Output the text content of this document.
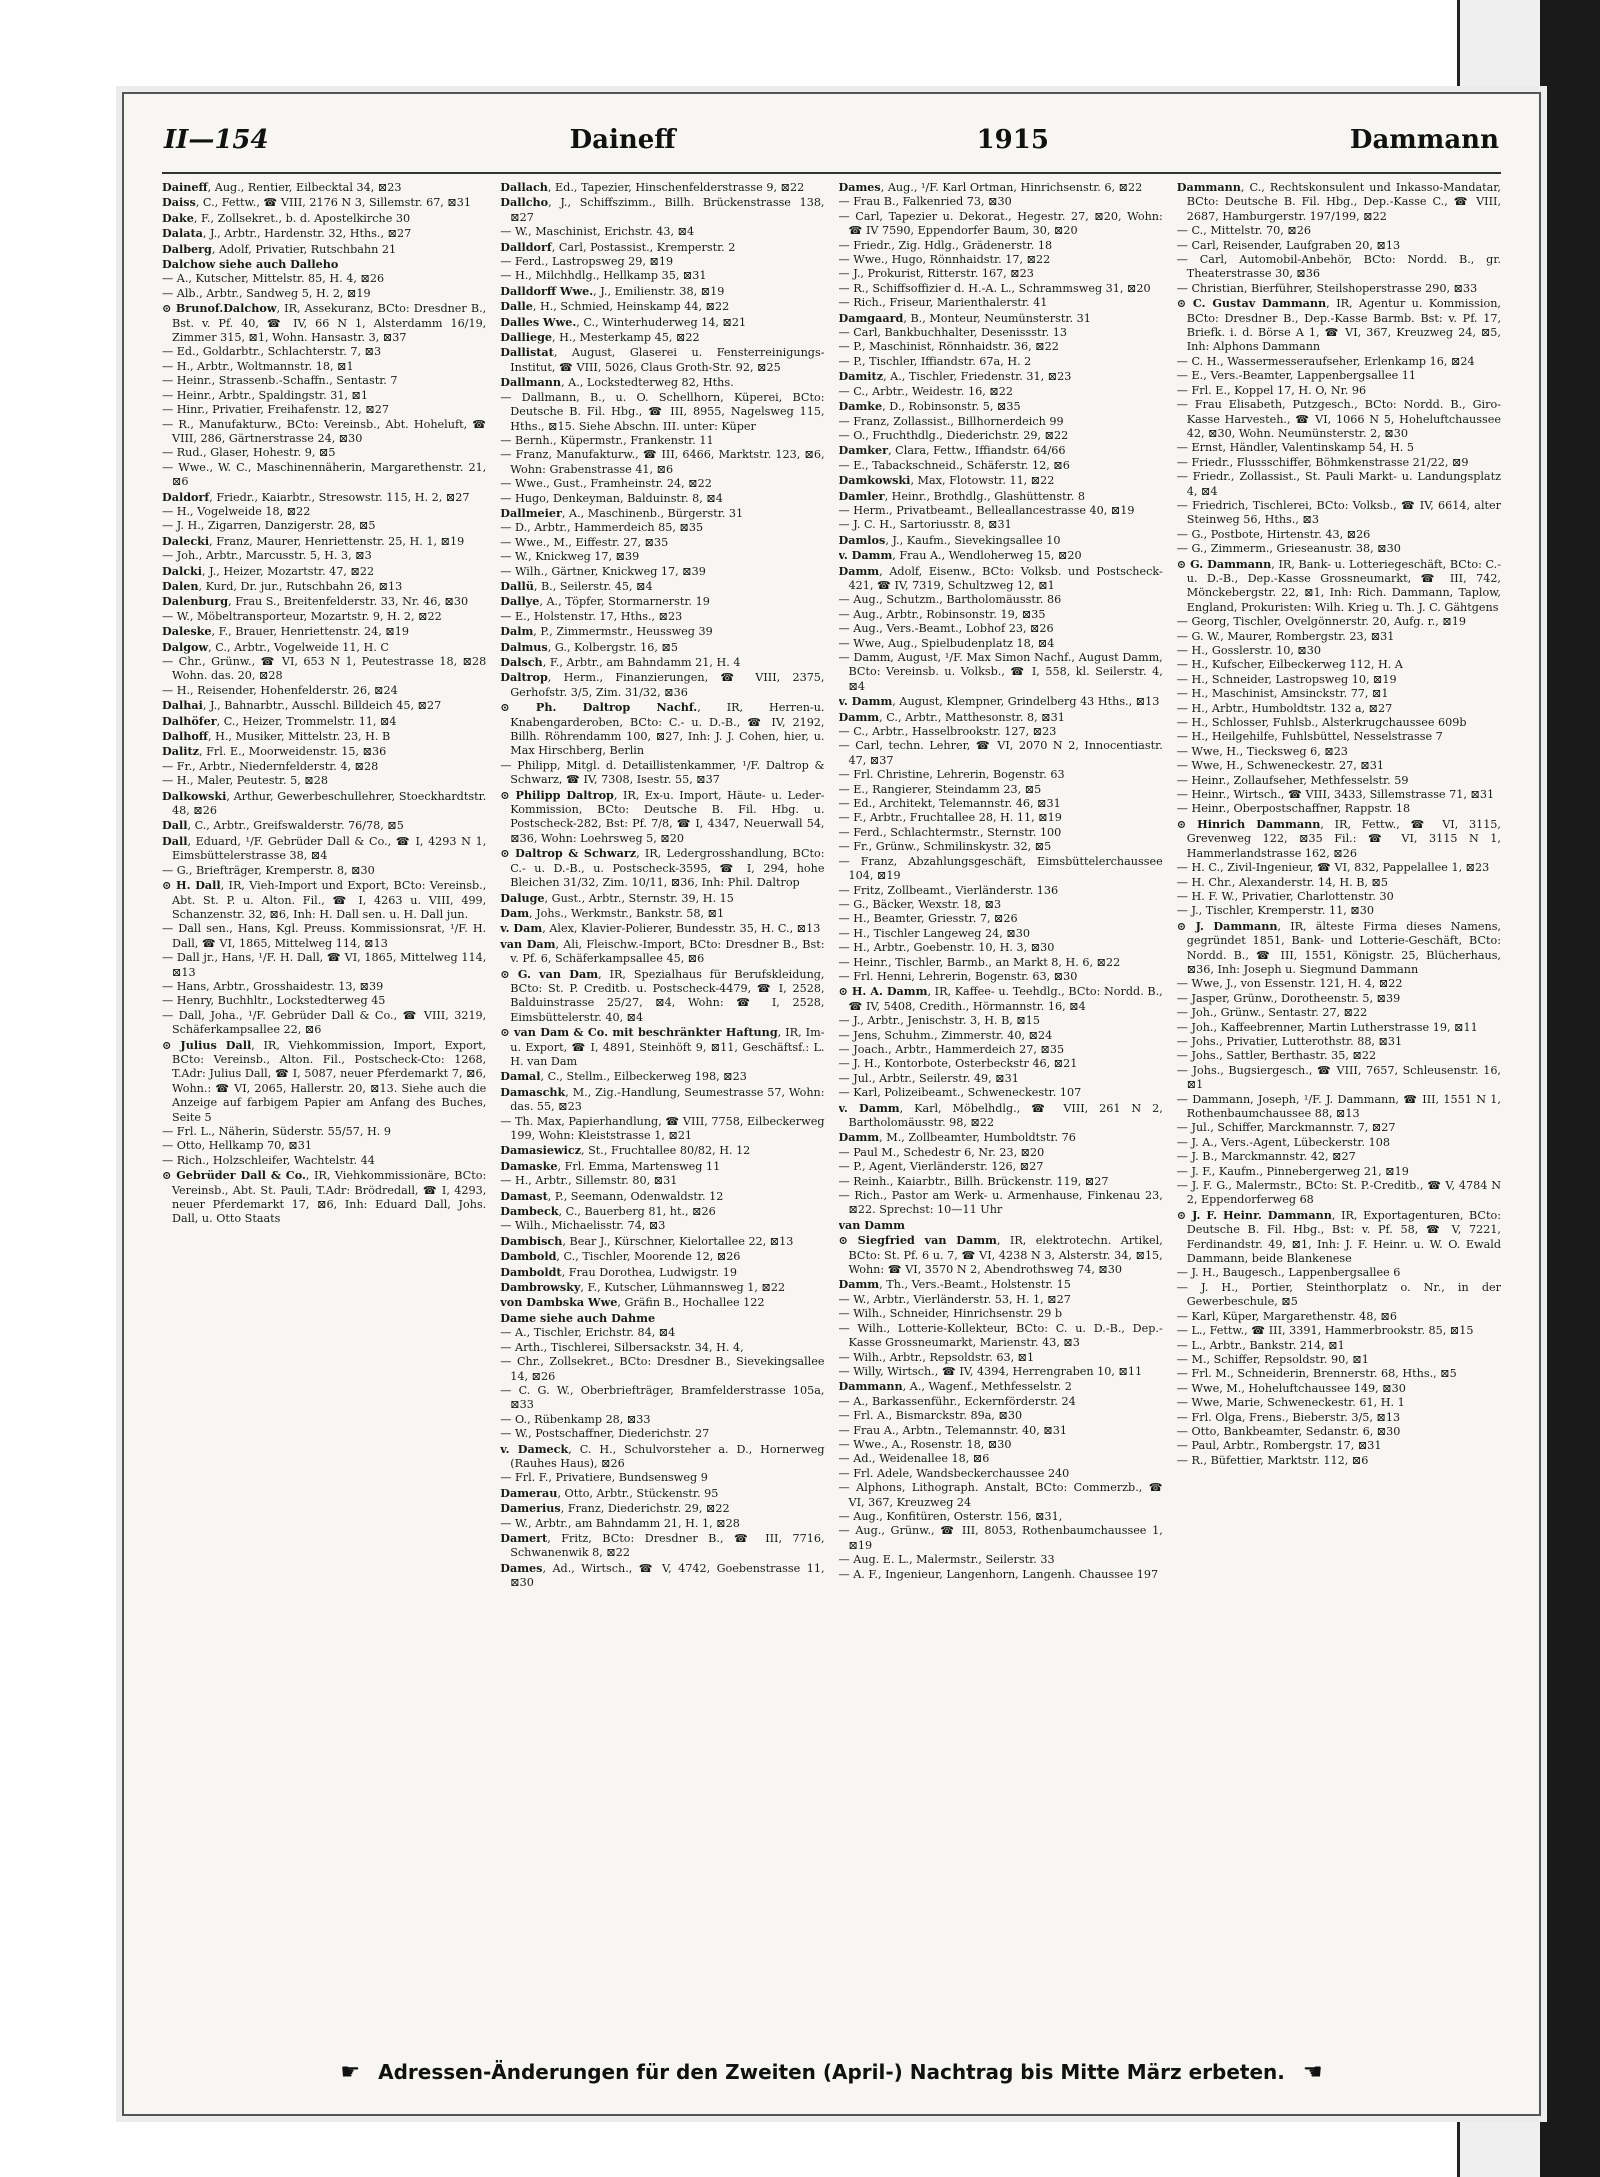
II—154	Daineff	1915	Dammann

Daineff, Aug., Rentier, Eilbecktal 34, ⊠23

Daiss, C., Fettw., ☎ VIII, 2176 N 3, Sillemstr. 67, ⊠31

Dake, F., Zollsekret., b. d. Apostelkirche 30

Dalata, J., Arbtr., Hardenstr. 32, Hths., ⊠27

Dalberg, Adolf, Privatier, Rutschbahn 21

Dalchow siehe auch Dalleho

— A., Kutscher, Mittelstr. 85, H. 4, ⊠26

— Alb., Arbtr., Sandweg 5, H. 2, ⊠19

⊙ Brunof.Dalchow, IR, Assekuranz, BCto: Dresdner B., Bst. v. Pf. 40, ☎ IV, 66 N 1, Alsterdamm 16/19, Zimmer 315, ⊠1, Wohn. Hansastr. 3, ⊠37

— Ed., Goldarbtr., Schlachterstr. 7, ⊠3

— H., Arbtr., Woltmannstr. 18, ⊠1

— Heinr., Strassenb.-Schaffn., Sentastr. 7

— Heinr., Arbtr., Spaldingstr. 31, ⊠1

— Hinr., Privatier, Freihafenstr. 12, ⊠27

— R., Manufakturw., BCto: Vereinsb., Abt. Hoheluft, ☎ VIII, 286, Gärtnerstrasse 24, ⊠30

— Rud., Glaser, Hohestr. 9, ⊠5

— Wwe., W. C., Maschinennäherin, Margarethenstr. 21, ⊠6

Daldorf, Friedr., Kaiarbtr., Stresowstr. 115, H. 2, ⊠27

— H., Vogelweide 18, ⊠22

— J. H., Zigarren, Danzigerstr. 28, ⊠5

Dalecki, Franz, Maurer, Henriettenstr. 25, H. 1, ⊠19

— Joh., Arbtr., Marcusstr. 5, H. 3, ⊠3

Dalcki, J., Heizer, Mozartstr. 47, ⊠22

Dalen, Kurd, Dr. jur., Rutschbahn 26, ⊠13

Dalenburg, Frau S., Breitenfelderstr. 33, Nr. 46, ⊠30

— W., Möbeltransporteur, Mozartstr. 9, H. 2, ⊠22

Daleske, F., Brauer, Henriettenstr. 24, ⊠19

Dalgow, C., Arbtr., Vogelweide 11, H. C

— Chr., Grünw., ☎ VI, 653 N 1, Peutestrasse 18, ⊠28 Wohn. das. 20, ⊠28

— H., Reisender, Hohenfelderstr. 26, ⊠24

Dalhai, J., Bahnarbtr., Ausschl. Billdeich 45, ⊠27

Dalhöfer, C., Heizer, Trommelstr. 11, ⊠4

Dalhoff, H., Musiker, Mittelstr. 23, H. B

Dalitz, Frl. E., Moorweidenstr. 15, ⊠36

— Fr., Arbtr., Niedernfelderstr. 4, ⊠28

— H., Maler, Peutestr. 5, ⊠28

Dalkowski, Arthur, Gewerbeschullehrer, Stoeckhardtstr. 48, ⊠26

Dall, C., Arbtr., Greifswalderstr. 76/78, ⊠5

Dall, Eduard, ¹/F. Gebrüder Dall & Co., ☎ I, 4293 N 1, Eimsbüttelerstrasse 38, ⊠4

— G., Briefträger, Kremperstr. 8, ⊠30

⊙ H. Dall, IR, Vieh-Import und Export, BCto: Vereinsb., Abt. St. P. u. Alton. Fil., ☎ I, 4263 u. VIII, 499, Schanzenstr. 32, ⊠6, Inh: H. Dall sen. u. H. Dall jun.

— Dall sen., Hans, Kgl. Preuss. Kommissionsrat, ¹/F. H. Dall, ☎ VI, 1865, Mittelweg 114, ⊠13

— Dall jr., Hans, ¹/F. H. Dall, ☎ VI, 1865, Mittelweg 114, ⊠13

— Hans, Arbtr., Grosshaidestr. 13, ⊠39

— Henry, Buchhltr., Lockstedterweg 45

— Dall, Joha., ¹/F. Gebrüder Dall & Co., ☎ VIII, 3219, Schäferkampsallee 22, ⊠6

⊙ Julius Dall, IR, Viehkommission, Import, Export, BCto: Vereinsb., Alton. Fil., Postscheck-Cto: 1268, T.Adr: Julius Dall, ☎ I, 5087, neuer Pferdemarkt 7, ⊠6, Wohn.: ☎ VI, 2065, Hallerstr. 20, ⊠13. Siehe auch die Anzeige auf farbigem Papier am Anfang des Buches, Seite 5

— Frl. L., Näherin, Süderstr. 55/57, H. 9

— Otto, Hellkamp 70, ⊠31

— Rich., Holzschleifer, Wachtelstr. 44

⊙ Gebrüder Dall & Co., IR, Viehkommissionäre, BCto: Vereinsb., Abt. St. Pauli, T.Adr: Brödredall, ☎ I, 4293, neuer Pferdemarkt 17, ⊠6, Inh: Eduard Dall, Johs. Dall, u. Otto Staats

Dallach, Ed., Tapezier, Hinschenfelderstrasse 9, ⊠22

Dallcho, J., Schiffszimm., Billh. Brückenstrasse 138, ⊠27

— W., Maschinist, Erichstr. 43, ⊠4

Dalldorf, Carl, Postassist., Kremperstr. 2

— Ferd., Lastropsweg 29, ⊠19

— H., Milchhdlg., Hellkamp 35, ⊠31

Dalldorff Wwe., J., Emilienstr. 38, ⊠19

Dalle, H., Schmied, Heinskamp 44, ⊠22

Dalles Wwe., C., Winterhuderweg 14, ⊠21

Dalliege, H., Mesterkamp 45, ⊠22

Dallistat, August, Glaserei u. Fensterreinigungs-Institut, ☎ VIII, 5026, Claus Groth-Str. 92, ⊠25

Dallmann, A., Lockstedterweg 82, Hths.

— Dallmann, B., u. O. Schellhorn, Küperei, BCto: Deutsche B. Fil. Hbg., ☎ III, 8955, Nagelsweg 115, Hths., ⊠15. Siehe Abschn. III. unter: Küper

— Bernh., Küpermstr., Frankenstr. 11

— Franz, Manufakturw., ☎ III, 6466, Marktstr. 123, ⊠6, Wohn: Grabenstrasse 41, ⊠6

— Wwe., Gust., Framheinstr. 24, ⊠22

— Hugo, Denkeyman, Balduinstr. 8, ⊠4

Dallmeier, A., Maschinenb., Bürgerstr. 31

— D., Arbtr., Hammerdeich 85, ⊠35

— Wwe., M., Eiffestr. 27, ⊠35

— W., Knickweg 17, ⊠39

— Wilh., Gärtner, Knickweg 17, ⊠39

Dallü, B., Seilerstr. 45, ⊠4

Dallye, A., Töpfer, Stormarnerstr. 19

— E., Holstenstr. 17, Hths., ⊠23

Dalm, P., Zimmermstr., Heussweg 39

Dalmus, G., Kolbergstr. 16, ⊠5

Dalsch, F., Arbtr., am Bahndamm 21, H. 4

Daltrop, Herm., Finanzierungen, ☎ VIII, 2375, Gerhofstr. 3/5, Zim. 31/32, ⊠36

⊙ Ph. Daltrop Nachf., IR, Herren-u. Knabengarderoben, BCto: C.- u. D.-B., ☎ IV, 2192, Billh. Röhrendamm 100, ⊠27, Inh: J. J. Cohen, hier, u. Max Hirschberg, Berlin

— Philipp, Mitgl. d. Detaillistenkammer, ¹/F. Daltrop & Schwarz, ☎ IV, 7308, Isestr. 55, ⊠37

⊙ Philipp Daltrop, IR, Ex-u. Import, Häute- u. Leder-Kommission, BCto: Deutsche B. Fil. Hbg. u. Postscheck-282, Bst: Pf. 7/8, ☎ I, 4347, Neuerwall 54, ⊠36, Wohn: Loehrsweg 5, ⊠20

⊙ Daltrop & Schwarz, IR, Ledergrosshandlung, BCto: C.- u. D.-B., u. Postscheck-3595, ☎ I, 294, hohe Bleichen 31/32, Zim. 10/11, ⊠36, Inh: Phil. Daltrop

Daluge, Gust., Arbtr., Sternstr. 39, H. 15

Dam, Johs., Werkmstr., Bankstr. 58, ⊠1

v. Dam, Alex, Klavier-Polierer, Bundesstr. 35, H. C., ⊠13

van Dam, Ali, Fleischw.-Import, BCto: Dresdner B., Bst: v. Pf. 6, Schäferkampsallee 45, ⊠6

⊙ G. van Dam, IR, Spezialhaus für Berufskleidung, BCto: St. P. Creditb. u. Postscheck-4479, ☎ I, 2528, Balduinstrasse 25/27, ⊠4, Wohn: ☎ I, 2528, Eimsbüttelerstr. 40, ⊠4

⊙ van Dam & Co. mit beschränkter Haftung, IR, Im- u. Export, ☎ I, 4891, Steinhöft 9, ⊠11, Geschäftsf.: L. H. van Dam

Damal, C., Stellm., Eilbeckerweg 198, ⊠23

Damaschk, M., Zig.-Handlung, Seumestrasse 57, Wohn: das. 55, ⊠23

— Th. Max, Papierhandlung, ☎ VIII, 7758, Eilbeckerweg 199, Wohn: Kleiststrasse 1, ⊠21

Damasiewicz, St., Fruchtallee 80/82, H. 12

Damaske, Frl. Emma, Martensweg 11

— H., Arbtr., Sillemstr. 80, ⊠31

Damast, P., Seemann, Odenwaldstr. 12

Dambeck, C., Bauerberg 81, ht., ⊠26

— Wilh., Michaelisstr. 74, ⊠3

Dambisch, Bear J., Kürschner, Kielortallee 22, ⊠13

Dambold, C., Tischler, Moorende 12, ⊠26

Damboldt, Frau Dorothea, Ludwigstr. 19

Dambrowsky, F., Kutscher, Lühmannsweg 1, ⊠22

von Dambska Wwe, Gräfin B., Hochallee 122

Dame siehe auch Dahme

— A., Tischler, Erichstr. 84, ⊠4

— Arth., Tischlerei, Silbersackstr. 34, H. 4,

— Chr., Zollsekret., BCto: Dresdner B., Sievekingsallee 14, ⊠26

— C. G. W., Oberbriefträger, Bramfelderstrasse 105a, ⊠33

— O., Rübenkamp 28, ⊠33

— W., Postschaffner, Diederichstr. 27

v. Dameck, C. H., Schulvorsteher a. D., Hornerweg (Rauhes Haus), ⊠26

— Frl. F., Privatiere, Bundsensweg 9

Damerau, Otto, Arbtr., Stückenstr. 95

Damerius, Franz, Diederichstr. 29, ⊠22

— W., Arbtr., am Bahndamm 21, H. 1, ⊠28

Damert, Fritz, BCto: Dresdner B., ☎ III, 7716, Schwanenwik 8, ⊠22

Dames, Ad., Wirtsch., ☎ V, 4742, Goebenstrasse 11, ⊠30

Dames, Aug., ¹/F. Karl Ortman, Hinrichsenstr. 6, ⊠22

— Frau B., Falkenried 73, ⊠30

— Carl, Tapezier u. Dekorat., Hegestr. 27, ⊠20, Wohn: ☎ IV 7590, Eppendorfer Baum, 30, ⊠20

— Friedr., Zig. Hdlg., Grädenerstr. 18

— Wwe., Hugo, Rönnhaidstr. 17, ⊠22

— J., Prokurist, Ritterstr. 167, ⊠23

— R., Schiffsoffizier d. H.-A. L., Schrammsweg 31, ⊠20

— Rich., Friseur, Marienthalerstr. 41

Damgaard, B., Monteur, Neumünsterstr. 31

— Carl, Bankbuchhalter, Desenissstr. 13

— P., Maschinist, Rönnhaidstr. 36, ⊠22

— P., Tischler, Iffiandstr. 67a, H. 2

Damitz, A., Tischler, Friedenstr. 31, ⊠23

— C., Arbtr., Weidestr. 16, ⊠22

Damke, D., Robinsonstr. 5, ⊠35

— Franz, Zollassist., Billhornerdeich 99

— O., Fruchthdlg., Diederichstr. 29, ⊠22

Damker, Clara, Fettw., Iffiandstr. 64/66

— E., Tabackschneid., Schäferstr. 12, ⊠6

Damkowski, Max, Flotowstr. 11, ⊠22

Damler, Heinr., Brothdlg., Glashüttenstr. 8

— Herm., Privatbeamt., Belleallancestrasse 40, ⊠19

— J. C. H., Sartoriusstr. 8, ⊠31

Damlos, J., Kaufm., Sievekingsallee 10

v. Damm, Frau A., Wendloherweg 15, ⊠20

Damm, Adolf, Eisenw., BCto: Volksb. und Postscheck-421, ☎ IV, 7319, Schultzweg 12, ⊠1

— Aug., Schutzm., Bartholomäusstr. 86

— Aug., Arbtr., Robinsonstr. 19, ⊠35

— Aug., Vers.-Beamt., Lobhof 23, ⊠26

— Wwe, Aug., Spielbudenplatz 18, ⊠4

— Damm, August, ¹/F. Max Simon Nachf., August Damm, BCto: Vereinsb. u. Volksb., ☎ I, 558, kl. Seilerstr. 4, ⊠4

v. Damm, August, Klempner, Grindelberg 43 Hths., ⊠13

Damm, C., Arbtr., Matthesonstr. 8, ⊠31

— C., Arbtr., Hasselbrookstr. 127, ⊠23

— Carl, techn. Lehrer, ☎ VI, 2070 N 2, Innocentiastr. 47, ⊠37

— Frl. Christine, Lehrerin, Bogenstr. 63

— E., Rangierer, Steindamm 23, ⊠5

— Ed., Architekt, Telemannstr. 46, ⊠31

— F., Arbtr., Fruchtallee 28, H. 11, ⊠19

— Ferd., Schlachtermstr., Sternstr. 100

— Fr., Grünw., Schmilinskystr. 32, ⊠5

— Franz, Abzahlungsgeschäft, Eimsbüttelerchaussee 104, ⊠19

— Fritz, Zollbeamt., Vierländerstr. 136

— G., Bäcker, Wexstr. 18, ⊠3

— H., Beamter, Griesstr. 7, ⊠26

— H., Tischler Langeweg 24, ⊠30

— H., Arbtr., Goebenstr. 10, H. 3, ⊠30

— Heinr., Tischler, Barmb., an Markt 8, H. 6, ⊠22

— Frl. Henni, Lehrerin, Bogenstr. 63, ⊠30

⊙ H. A. Damm, IR, Kaffee- u. Teehdlg., BCto: Nordd. B., ☎ IV, 5408, Credith., Hörmannstr. 16, ⊠4

— J., Arbtr., Jenischstr. 3, H. B, ⊠15

— Jens, Schuhm., Zimmerstr. 40, ⊠24

— Joach., Arbtr., Hammerdeich 27, ⊠35

— J. H., Kontorbote, Osterbeckstr 46, ⊠21

— Jul., Arbtr., Seilerstr. 49, ⊠31

— Karl, Polizeibeamt., Schweneckestr. 107

v. Damm, Karl, Möbelhdlg., ☎ VIII, 261 N 2, Bartholomäusstr. 98, ⊠22

Damm, M., Zollbeamter, Humboldtstr. 76

— Paul M., Schedestr 6, Nr. 23, ⊠20

— P., Agent, Vierländerstr. 126, ⊠27

— Reinh., Kaiarbtr., Billh. Brückenstr. 119, ⊠27

— Rich., Pastor am Werk- u. Armenhause, Finkenau 23, ⊠22. Sprechst: 10—11 Uhr

van Damm

⊙ Siegfried van Damm, IR, elektrotechn. Artikel, BCto: St. Pf. 6 u. 7, ☎ VI, 4238 N 3, Alsterstr. 34, ⊠15, Wohn: ☎ VI, 3570 N 2, Abendrothsweg 74, ⊠30

Damm, Th., Vers.-Beamt., Holstenstr. 15

— W., Arbtr., Vierländerstr. 53, H. 1, ⊠27

— Wilh., Schneider, Hinrichsenstr. 29 b

— Wilh., Lotterie-Kollekteur, BCto: C. u. D.-B., Dep.-Kasse Grossneumarkt, Marienstr. 43, ⊠3

— Wilh., Arbtr., Repsoldstr. 63, ⊠1

— Willy, Wirtsch., ☎ IV, 4394, Herrengraben 10, ⊠11

Dammann, A., Wagenf., Methfesselstr. 2

— A., Barkassenführ., Eckernförderstr. 24

— Frl. A., Bismarckstr. 89a, ⊠30

— Frau A., Arbtn., Telemannstr. 40, ⊠31

— Wwe., A., Rosenstr. 18, ⊠30

— Ad., Weidenallee 18, ⊠6

— Frl. Adele, Wandsbeckerchaussee 240

— Alphons, Lithograph. Anstalt, BCto: Commerzb., ☎ VI, 367, Kreuzweg 24

— Aug., Konfitüren, Osterstr. 156, ⊠31,

— Aug., Grünw., ☎ III, 8053, Rothenbaumchaussee 1, ⊠19

— Aug. E. L., Malermstr., Seilerstr. 33

— A. F., Ingenieur, Langenhorn, Langenh. Chaussee 197

Dammann, C., Rechtskonsulent und Inkasso-Mandatar, BCto: Deutsche B. Fil. Hbg., Dep.-Kasse C., ☎ VIII, 2687, Hamburgerstr. 197/199, ⊠22

— C., Mittelstr. 70, ⊠26

— Carl, Reisender, Laufgraben 20, ⊠13

— Carl, Automobil-Anbehör, BCto: Nordd. B., gr. Theaterstrasse 30, ⊠36

— Christian, Bierführer, Steilshoperstrasse 290, ⊠33

⊙ C. Gustav Dammann, IR, Agentur u. Kommission, BCto: Dresdner B., Dep.-Kasse Barmb. Bst: v. Pf. 17, Briefk. i. d. Börse A 1, ☎ VI, 367, Kreuzweg 24, ⊠5, Inh: Alphons Dammann

— C. H., Wassermesseraufseher, Erlenkamp 16, ⊠24

— E., Vers.-Beamter, Lappenbergsallee 11

— Frl. E., Koppel 17, H. O, Nr. 96

— Frau Elisabeth, Putzgesch., BCto: Nordd. B., Giro-Kasse Harvesteh., ☎ VI, 1066 N 5, Hoheluftchaussee 42, ⊠30, Wohn. Neumünsterstr. 2, ⊠30

— Ernst, Händler, Valentinskamp 54, H. 5

— Friedr., Flussschiffer, Böhmkenstrasse 21/22, ⊠9

— Friedr., Zollassist., St. Pauli Markt- u. Landungsplatz 4, ⊠4

— Friedrich, Tischlerei, BCto: Volksb., ☎ IV, 6614, alter Steinweg 56, Hths., ⊠3

— G., Postbote, Hirtenstr. 43, ⊠26

— G., Zimmerm., Grieseanustr. 38, ⊠30

⊙ G. Dammann, IR, Bank- u. Lotteriegeschäft, BCto: C.- u. D.-B., Dep.-Kasse Grossneumarkt, ☎ III, 742, Mönckebergstr. 22, ⊠1, Inh: Rich. Dammann, Taplow, England, Prokuristen: Wilh. Krieg u. Th. J. C. Gähtgens

— Georg, Tischler, Ovelgönnerstr. 20, Aufg. r., ⊠19

— G. W., Maurer, Rombergstr. 23, ⊠31

— H., Gosslerstr. 10, ⊠30

— H., Kufscher, Eilbeckerweg 112, H. A

— H., Schneider, Lastropsweg 10, ⊠19

— H., Maschinist, Amsinckstr. 77, ⊠1

— H., Arbtr., Humboldtstr. 132 a, ⊠27

— H., Schlosser, Fuhlsb., Alsterkrugchaussee 609b

— H., Heilgehilfe, Fuhlsbüttel, Nesselstrasse 7

— Wwe, H., Tiecksweg 6, ⊠23

— Wwe, H., Schweneckestr. 27, ⊠31

— Heinr., Zollaufseher, Methfesselstr. 59

— Heinr., Wirtsch., ☎ VIII, 3433, Sillemstrasse 71, ⊠31

— Heinr., Oberpostschaffner, Rappstr. 18

⊙ Hinrich Dammann, IR, Fettw., ☎ VI, 3115, Grevenweg 122, ⊠35 Fil.: ☎ VI, 3115 N 1, Hammerlandstrasse 162, ⊠26

— H. C., Zivil-Ingenieur, ☎ VI, 832, Pappelallee 1, ⊠23

— H. Chr., Alexanderstr. 14, H. B, ⊠5

— H. F. W., Privatier, Charlottenstr. 30

— J., Tischler, Kremperstr. 11, ⊠30

⊙ J. Dammann, IR, älteste Firma dieses Namens, gegründet 1851, Bank- und Lotterie-Geschäft, BCto: Nordd. B., ☎ III, 1551, Königstr. 25, Blücherhaus, ⊠36, Inh: Joseph u. Siegmund Dammann

— Wwe, J., von Essenstr. 121, H. 4, ⊠22

— Jasper, Grünw., Dorotheenstr. 5, ⊠39

— Joh., Grünw., Sentastr. 27, ⊠22

— Joh., Kaffeebrenner, Martin Lutherstrasse 19, ⊠11

— Johs., Privatier, Lutterothstr. 88, ⊠31

— Johs., Sattler, Berthastr. 35, ⊠22

— Johs., Bugsiergesch., ☎ VIII, 7657, Schleusenstr. 16, ⊠1

— Dammann, Joseph, ¹/F. J. Dammann, ☎ III, 1551 N 1, Rothenbaumchaussee 88, ⊠13

— Jul., Schiffer, Marckmannstr. 7, ⊠27

— J. A., Vers.-Agent, Lübeckerstr. 108

— J. B., Marckmannstr. 42, ⊠27

— J. F., Kaufm., Pinnebergerweg 21, ⊠19

— J. F. G., Malermstr., BCto: St. P.-Creditb., ☎ V, 4784 N 2, Eppendorferweg 68

⊙ J. F. Heinr. Dammann, IR, Exportagenturen, BCto: Deutsche B. Fil. Hbg., Bst: v. Pf. 58, ☎ V, 7221, Ferdinandstr. 49, ⊠1, Inh: J. F. Heinr. u. W. O. Ewald Dammann, beide Blankenese

— J. H., Baugesch., Lappenbergsallee 6

— J. H., Portier, Steinthorplatz o. Nr., in der Gewerbeschule, ⊠5

— Karl, Küper, Margarethenstr. 48, ⊠6

— L., Fettw., ☎ III, 3391, Hammerbrookstr. 85, ⊠15

— L., Arbtr., Bankstr. 214, ⊠1

— M., Schiffer, Repsoldstr. 90, ⊠1

— Frl. M., Schneiderin, Brennerstr. 68, Hths., ⊠5

— Wwe, M., Hoheluftchaussee 149, ⊠30

— Wwe, Marie, Schweneckestr. 61, H. 1

— Frl. Olga, Frens., Bieberstr. 3/5, ⊠13

— Otto, Bankbeamter, Sedanstr. 6, ⊠30

— Paul, Arbtr., Rombergstr. 17, ⊠31

— R., Büfettier, Marktstr. 112, ⊠6

☛ Adressen-Änderungen für den Zweiten (April-) Nachtrag bis Mitte März erbeten. ☚
